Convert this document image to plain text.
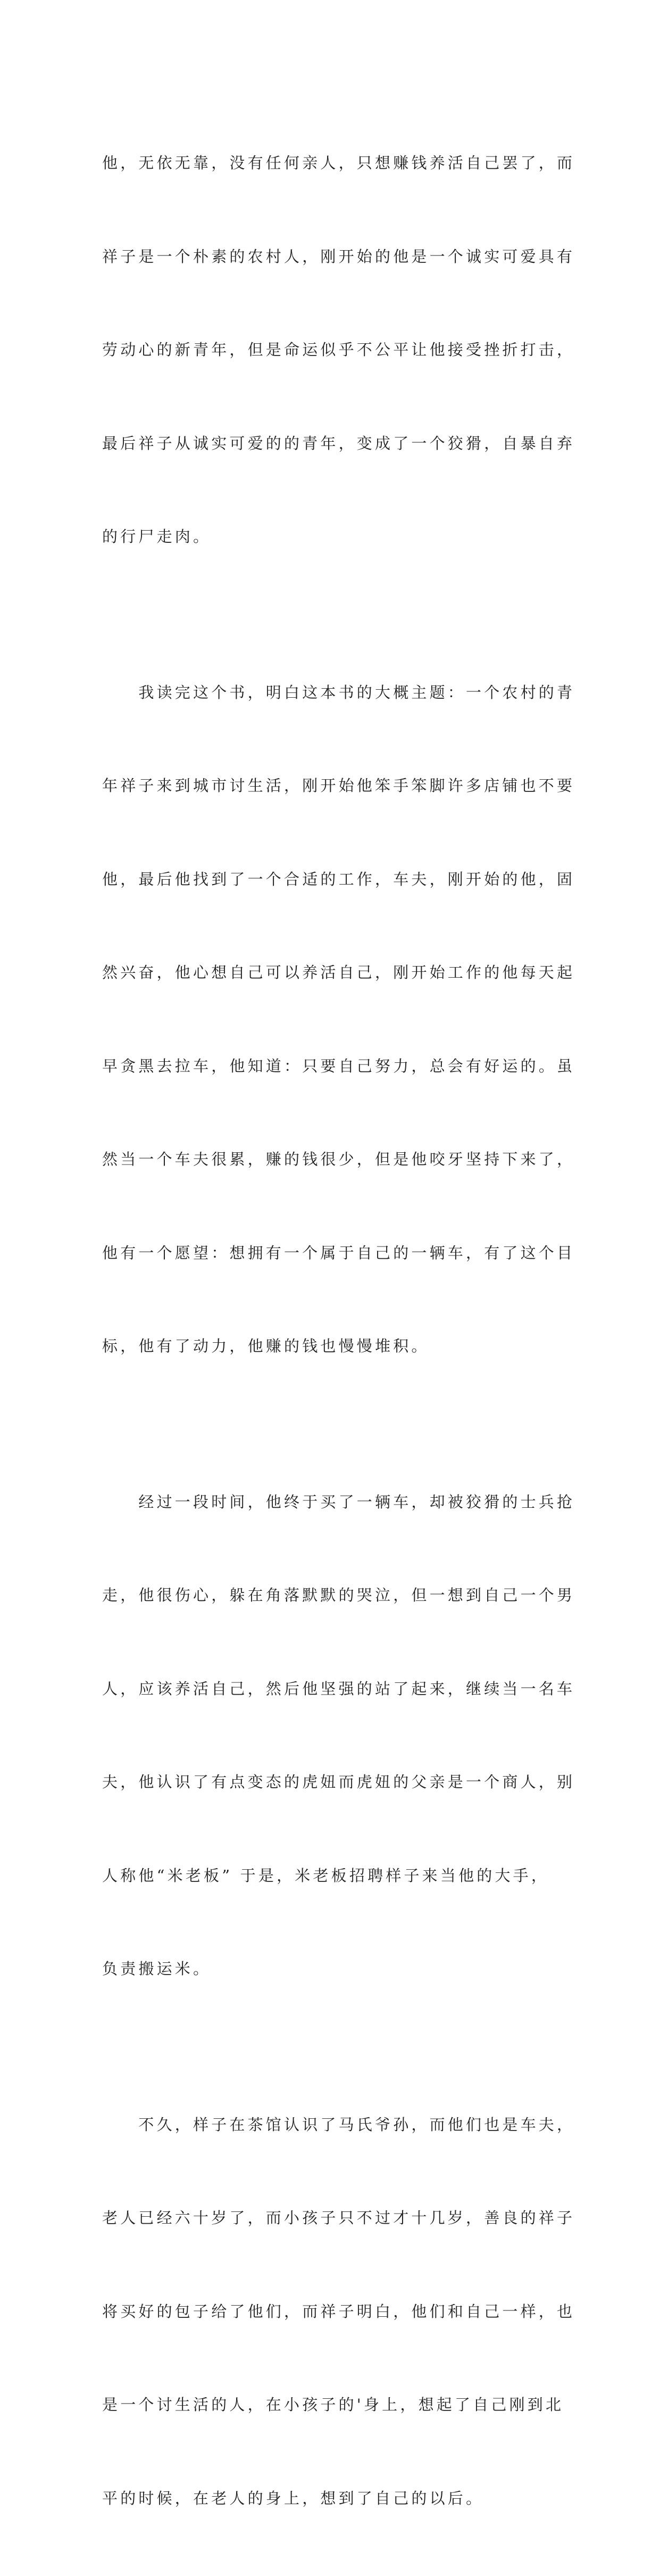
他，无依无靠，没有任何亲人，只想赚钱养活自己罢了，而

祥子是一个朴素的农村人，刚开始的他是一个诚实可爱具有

劳动心的新青年，但是命运似乎不公平让他接受挫折打击，

最后祥子从诚实可爱的的青年，变成了一个狡猾，自暴自弃

的行尸走肉。

　　我读完这个书，明白这本书的大概主题：一个农村的青

年祥子来到城市讨生活，刚开始他笨手笨脚许多店铺也不要

他，最后他找到了一个合适的工作，车夫，刚开始的他，固

然兴奋，他心想自己可以养活自己，刚开始工作的他每天起

早贪黑去拉车，他知道：只要自己努力，总会有好运的。虽

然当一个车夫很累，赚的钱很少，但是他咬牙坚持下来了，

他有一个愿望：想拥有一个属于自己的一辆车，有了这个目

标，他有了动力，他赚的钱也慢慢堆积。

　　经过一段时间，他终于买了一辆车，却被狡猾的士兵抢

走，他很伤心，躲在角落默默的哭泣，但一想到自己一个男

人，应该养活自己，然后他坚强的站了起来，继续当一名车

夫，他认识了有点变态的虎妞而虎妞的父亲是一个商人，别

人称他“米老板” 于是，米老板招聘样子来当他的大手，

负责搬运米。

　　不久，样子在茶馆认识了马氏爷孙，而他们也是车夫，

老人已经六十岁了，而小孩子只不过才十几岁，善良的祥子

将买好的包子给了他们，而祥子明白，他们和自己一样，也

是一个讨生活的人，在小孩子的'身上，想起了自己刚到北

平的时候，在老人的身上，想到了自己的以后。
